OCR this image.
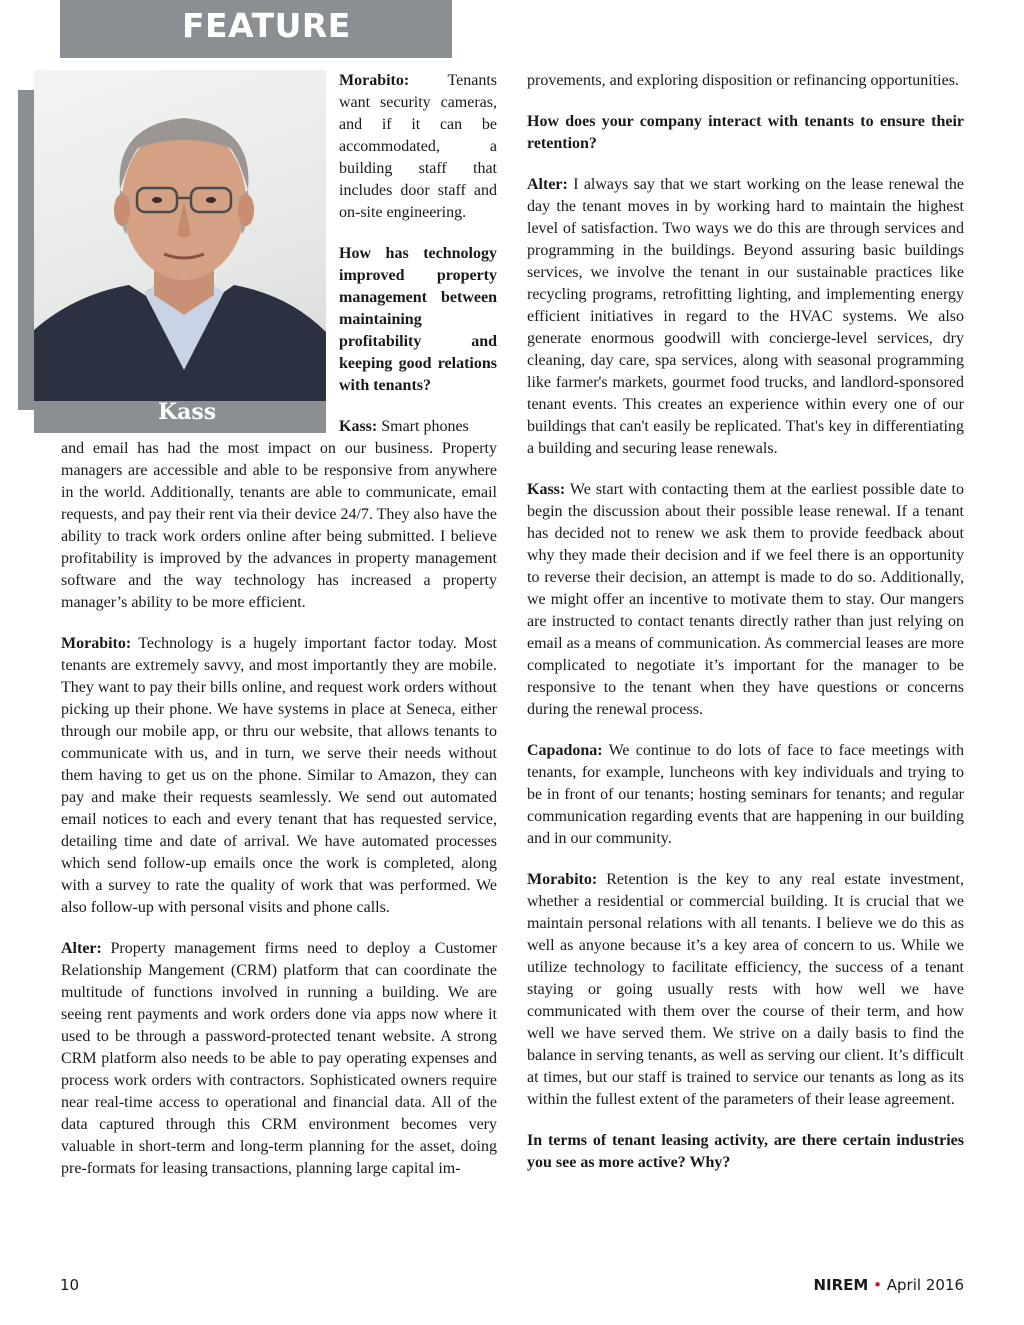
FEATURE
Kass

Morabito: Tenants want security cameras, and if it can be accommodated, a building staff that includes door staff and on-site engineering.

How has technology improved property management between maintaining profitability and keeping good relations with tenants?

Kass: Smart phones

and email has had the most impact on our business. Property managers are accessible and able to be responsive from anywhere in the world. Additionally, tenants are able to communicate, email requests, and pay their rent via their device 24/7. They also have the ability to track work orders online after being submitted. I believe profitability is improved by the advances in property management software and the way technology has increased a property manager’s ability to be more efficient.

Morabito: Technology is a hugely important factor today. Most tenants are extremely savvy, and most importantly they are mobile. They want to pay their bills online, and request work orders without picking up their phone. We have systems in place at Seneca, either through our mobile app, or thru our website, that allows tenants to communicate with us, and in turn, we serve their needs without them having to get us on the phone. Similar to Amazon, they can pay and make their requests seamlessly. We send out automated email notices to each and every tenant that has requested service, detailing time and date of arrival. We have automated processes which send follow-up emails once the work is completed, along with a survey to rate the quality of work that was performed. We also follow-up with personal visits and phone calls.

Alter: Property management firms need to deploy a Customer Relationship Mangement (CRM) platform that can coordinate the multitude of functions involved in running a building. We are seeing rent payments and work orders done via apps now where it used to be through a password-protected tenant website. A strong CRM platform also needs to be able to pay operating expenses and process work orders with contractors. Sophisticated owners require near real-time access to operational and financial data. All of the data captured through this CRM environment becomes very valuable in short-term and long-term planning for the asset, doing pre-formats for leasing transactions, planning large capital im-

provements, and exploring disposition or refinancing opportunities.

How does your company interact with tenants to ensure their retention?

Alter: I always say that we start working on the lease renewal the day the tenant moves in by working hard to maintain the highest level of satisfaction. Two ways we do this are through services and programming in the buildings. Beyond assuring basic buildings services, we involve the tenant in our sustainable practices like recycling programs, retrofitting lighting, and implementing energy efficient initiatives in regard to the HVAC systems. We also generate enormous goodwill with concierge-level services, dry cleaning, day care, spa services, along with seasonal programming like farmer's markets, gourmet food trucks, and landlord-sponsored tenant events. This creates an experience within every one of our buildings that can't easily be replicated. That's key in differentiating a building and securing lease renewals.

Kass: We start with contacting them at the earliest possible date to begin the discussion about their possible lease renewal. If a tenant has decided not to renew we ask them to provide feedback about why they made their decision and if we feel there is an opportunity to reverse their decision, an attempt is made to do so. Additionally, we might offer an incentive to motivate them to stay. Our mangers are instructed to contact tenants directly rather than just relying on email as a means of communication. As commercial leases are more complicated to negotiate it’s important for the manager to be responsive to the tenant when they have questions or concerns during the renewal process.

Capadona: We continue to do lots of face to face meetings with tenants, for example, luncheons with key individuals and trying to be in front of our tenants; hosting seminars for tenants; and regular communication regarding events that are happening in our building and in our community.

Morabito: Retention is the key to any real estate investment, whether a residential or commercial building. It is crucial that we maintain personal relations with all tenants. I believe we do this as well as anyone because it’s a key area of concern to us. While we utilize technology to facilitate efficiency, the success of a tenant staying or going usually rests with how well we have communicated with them over the course of their term, and how well we have served them. We strive on a daily basis to find the balance in serving tenants, as well as serving our client. It’s difficult at times, but our staff is trained to service our tenants as long as its within the fullest extent of the parameters of their lease agreement.

In terms of tenant leasing activity, are there certain industries you see as more active? Why?

10	NIREM • April 2016
